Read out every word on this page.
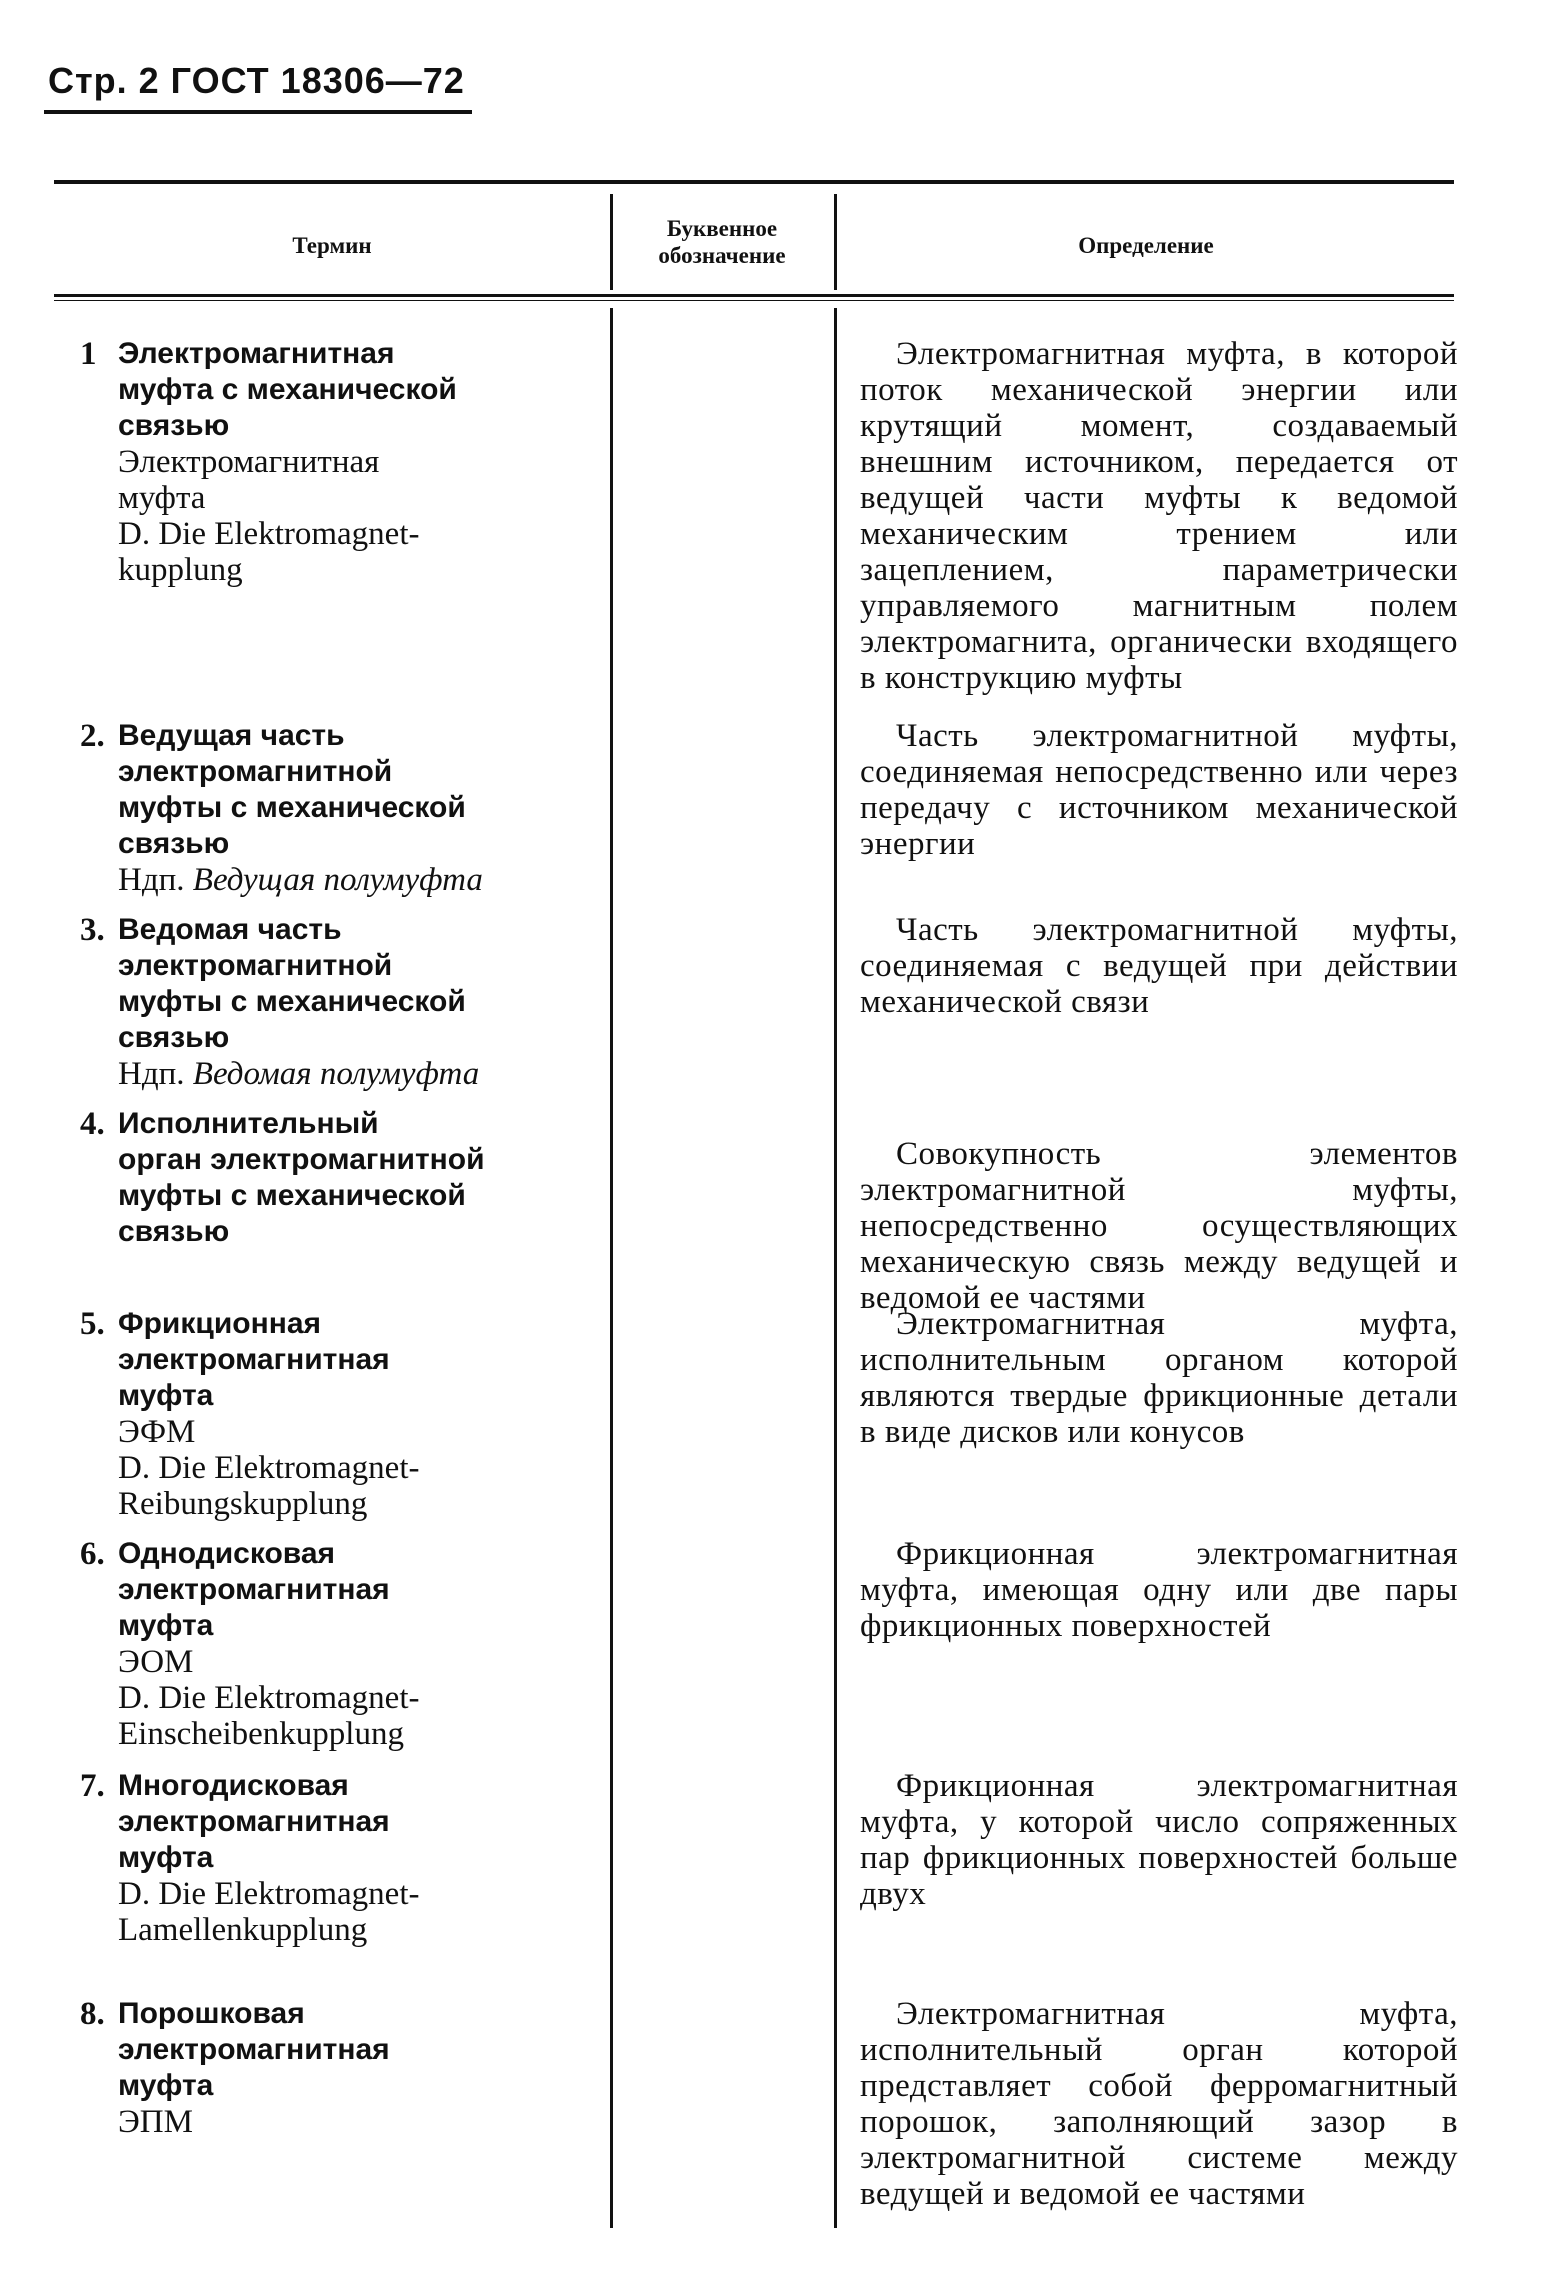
Стр. 2 ГОСТ 18306—72
Термин
Буквенное обозначение	Определение
1 Электромагнитная
муфта с механической
связью
Электромагнитная
муфта
D. Die Elektromagnet-
kupplung
Электромагнитная муфта, в которой поток механической энергии или крутящий момент, создаваемый внешним источником, передается от ведущей части муфты к ведомой механическим трением или зацеплением, параметрически управляемого магнитным полем электромагнита, органически входящего в конструкцию муфты
2. Ведущая часть
электромагнитной
муфты с механической
связью
Ндп. Ведущая полумуфта
Часть электромагнитной муфты, соединяемая непосредственно или через передачу с источником механической энергии
3. Ведомая часть
электромагнитной
муфты с механической
связью
Ндп. Ведомая полумуфта
Часть электромагнитной муфты, соединяемая с ведущей при действии механической связи
4. Исполнительный
орган электромагнитной
муфты с механической
связью
Совокупность элементов электромагнитной муфты, непосредственно осуществляющих механическую связь между ведущей и ведомой ее частями
5. Фрикционная
электромагнитная
муфта
ЭФМ
D. Die Elektromagnet-
Reibungskupplung
Электромагнитная муфта, исполнительным органом которой являются твердые фрикционные детали в виде дисков или конусов
6. Однодисковая
электромагнитная
муфта
ЭОМ
D. Die Elektromagnet-
Einscheibenkupplung
Фрикционная электромагнитная муфта, имеющая одну или две пары фрикционных поверхностей
7. Многодисковая
электромагнитная
муфта
D. Die Elektromagnet-
Lamellenkupplung
Фрикционная электромагнитная муфта, у которой число сопряженных пар фрикционных поверхностей больше двух
8. Порошковая
электромагнитная
муфта
ЭПМ
Электромагнитная муфта, исполнительный орган которой представляет собой ферромагнитный порошок, заполняющий зазор в электромагнитной системе между ведущей и ведомой ее частями
